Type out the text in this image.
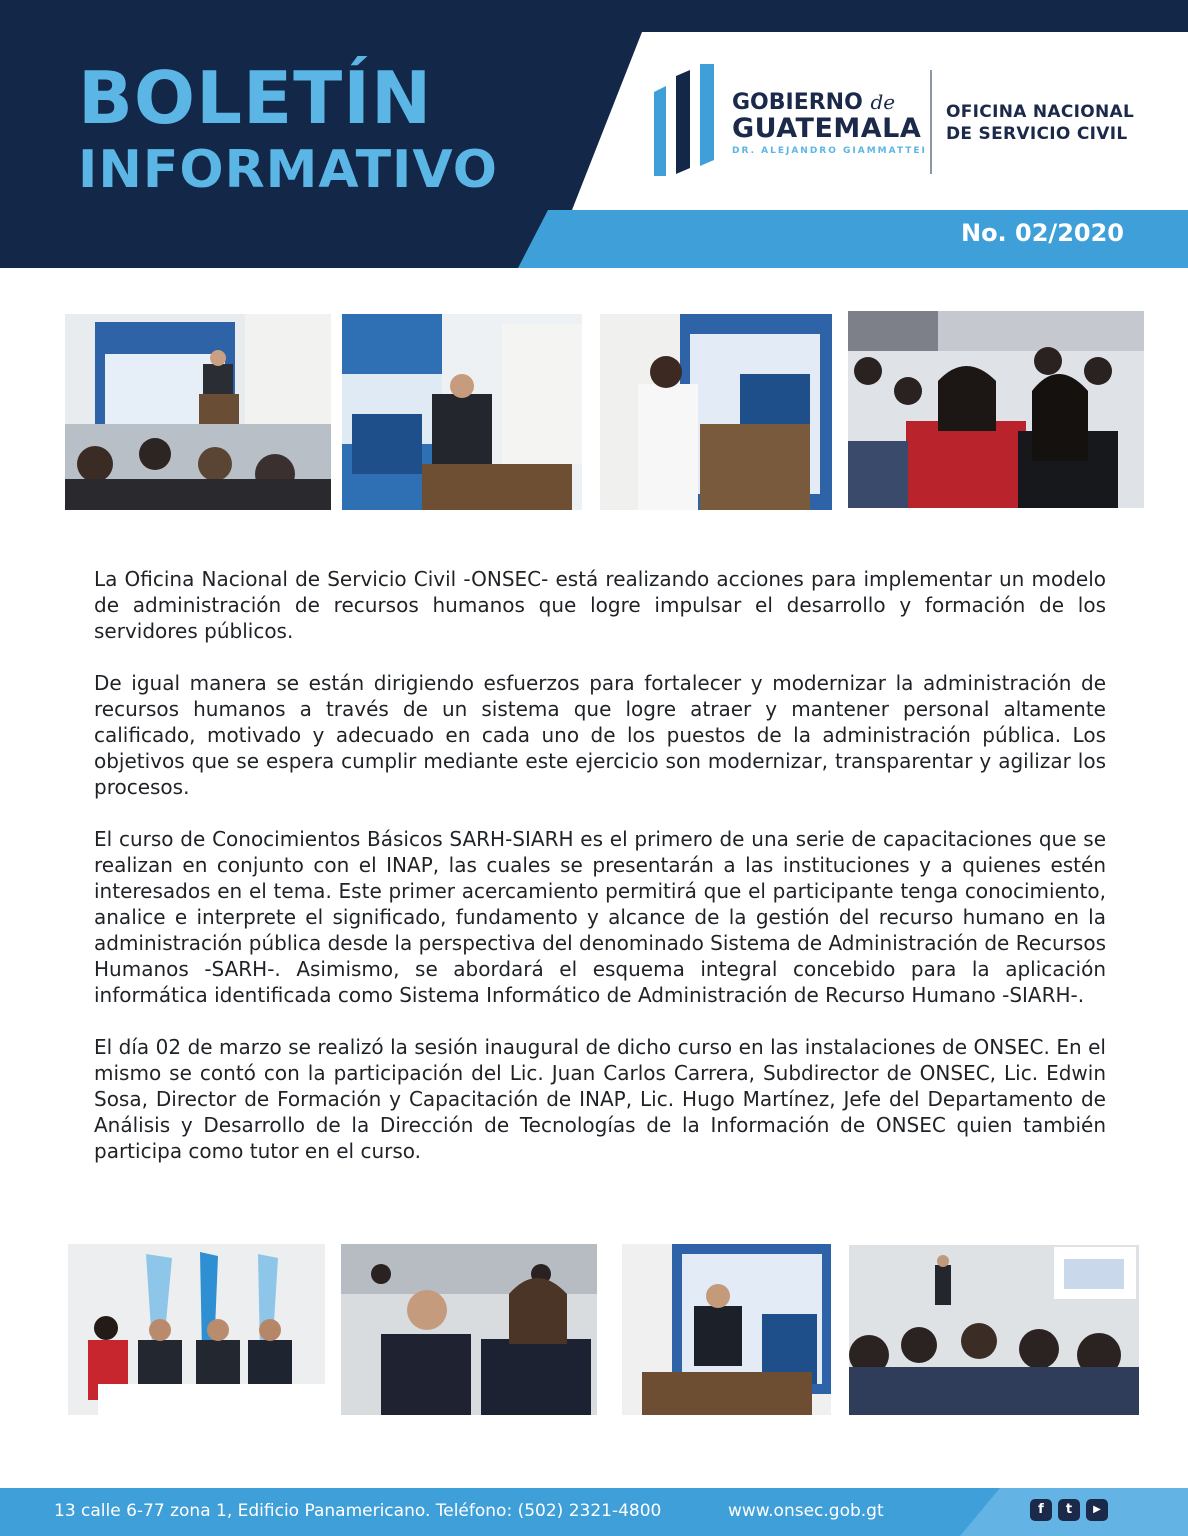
BOLETÍN
INFORMATIVO
GOBIERNO de
GUATEMALA
DR. ALEJANDRO GIAMMATTEI
OFICINA NACIONAL
DE SERVICIO CIVIL
No. 02/2020

La Oficina Nacional de Servicio Civil -ONSEC- está realizando acciones para implementar un modelo de administración de recursos humanos que logre impulsar el desarrollo y formación de los servidores públicos.

De igual manera se están dirigiendo esfuerzos para fortalecer y modernizar la administración de recursos humanos a través de un sistema que logre atraer y mantener personal altamente calificado, motivado y adecuado en cada uno de los puestos de la administración pública. Los objetivos que se espera cumplir mediante este ejercicio son modernizar, transparentar y agilizar los procesos.

El curso de Conocimientos Básicos SARH-SIARH es el primero de una serie de capacitaciones que se realizan en conjunto con el INAP, las cuales se presentarán a las instituciones y a quienes estén interesados en el tema. Este primer acercamiento permitirá que el participante tenga conocimiento, analice e interprete el significado, fundamento y alcance de la gestión del recurso humano en la administración pública desde la perspectiva del denominado Sistema de Administración de Recursos Humanos -SARH-. Asimismo, se abordará el esquema integral concebido para la aplicación informática identificada como Sistema Informático de Administración de Recurso Humano -SIARH-.

El día 02 de marzo se realizó la sesión inaugural de dicho curso en las instalaciones de ONSEC. En el mismo se contó con la participación del Lic. Juan Carlos Carrera, Subdirector de ONSEC, Lic. Edwin Sosa, Director de Formación y Capacitación de INAP, Lic. Hugo Martínez, Jefe del Departamento de Análisis y Desarrollo de la Dirección de Tecnologías de la Información de ONSEC quien también participa como tutor en el curso.

13 calle 6-77 zona 1, Edificio Panamericano. Teléfono: (502) 2321-4800	www.onsec.gob.gt	f	t	▶
